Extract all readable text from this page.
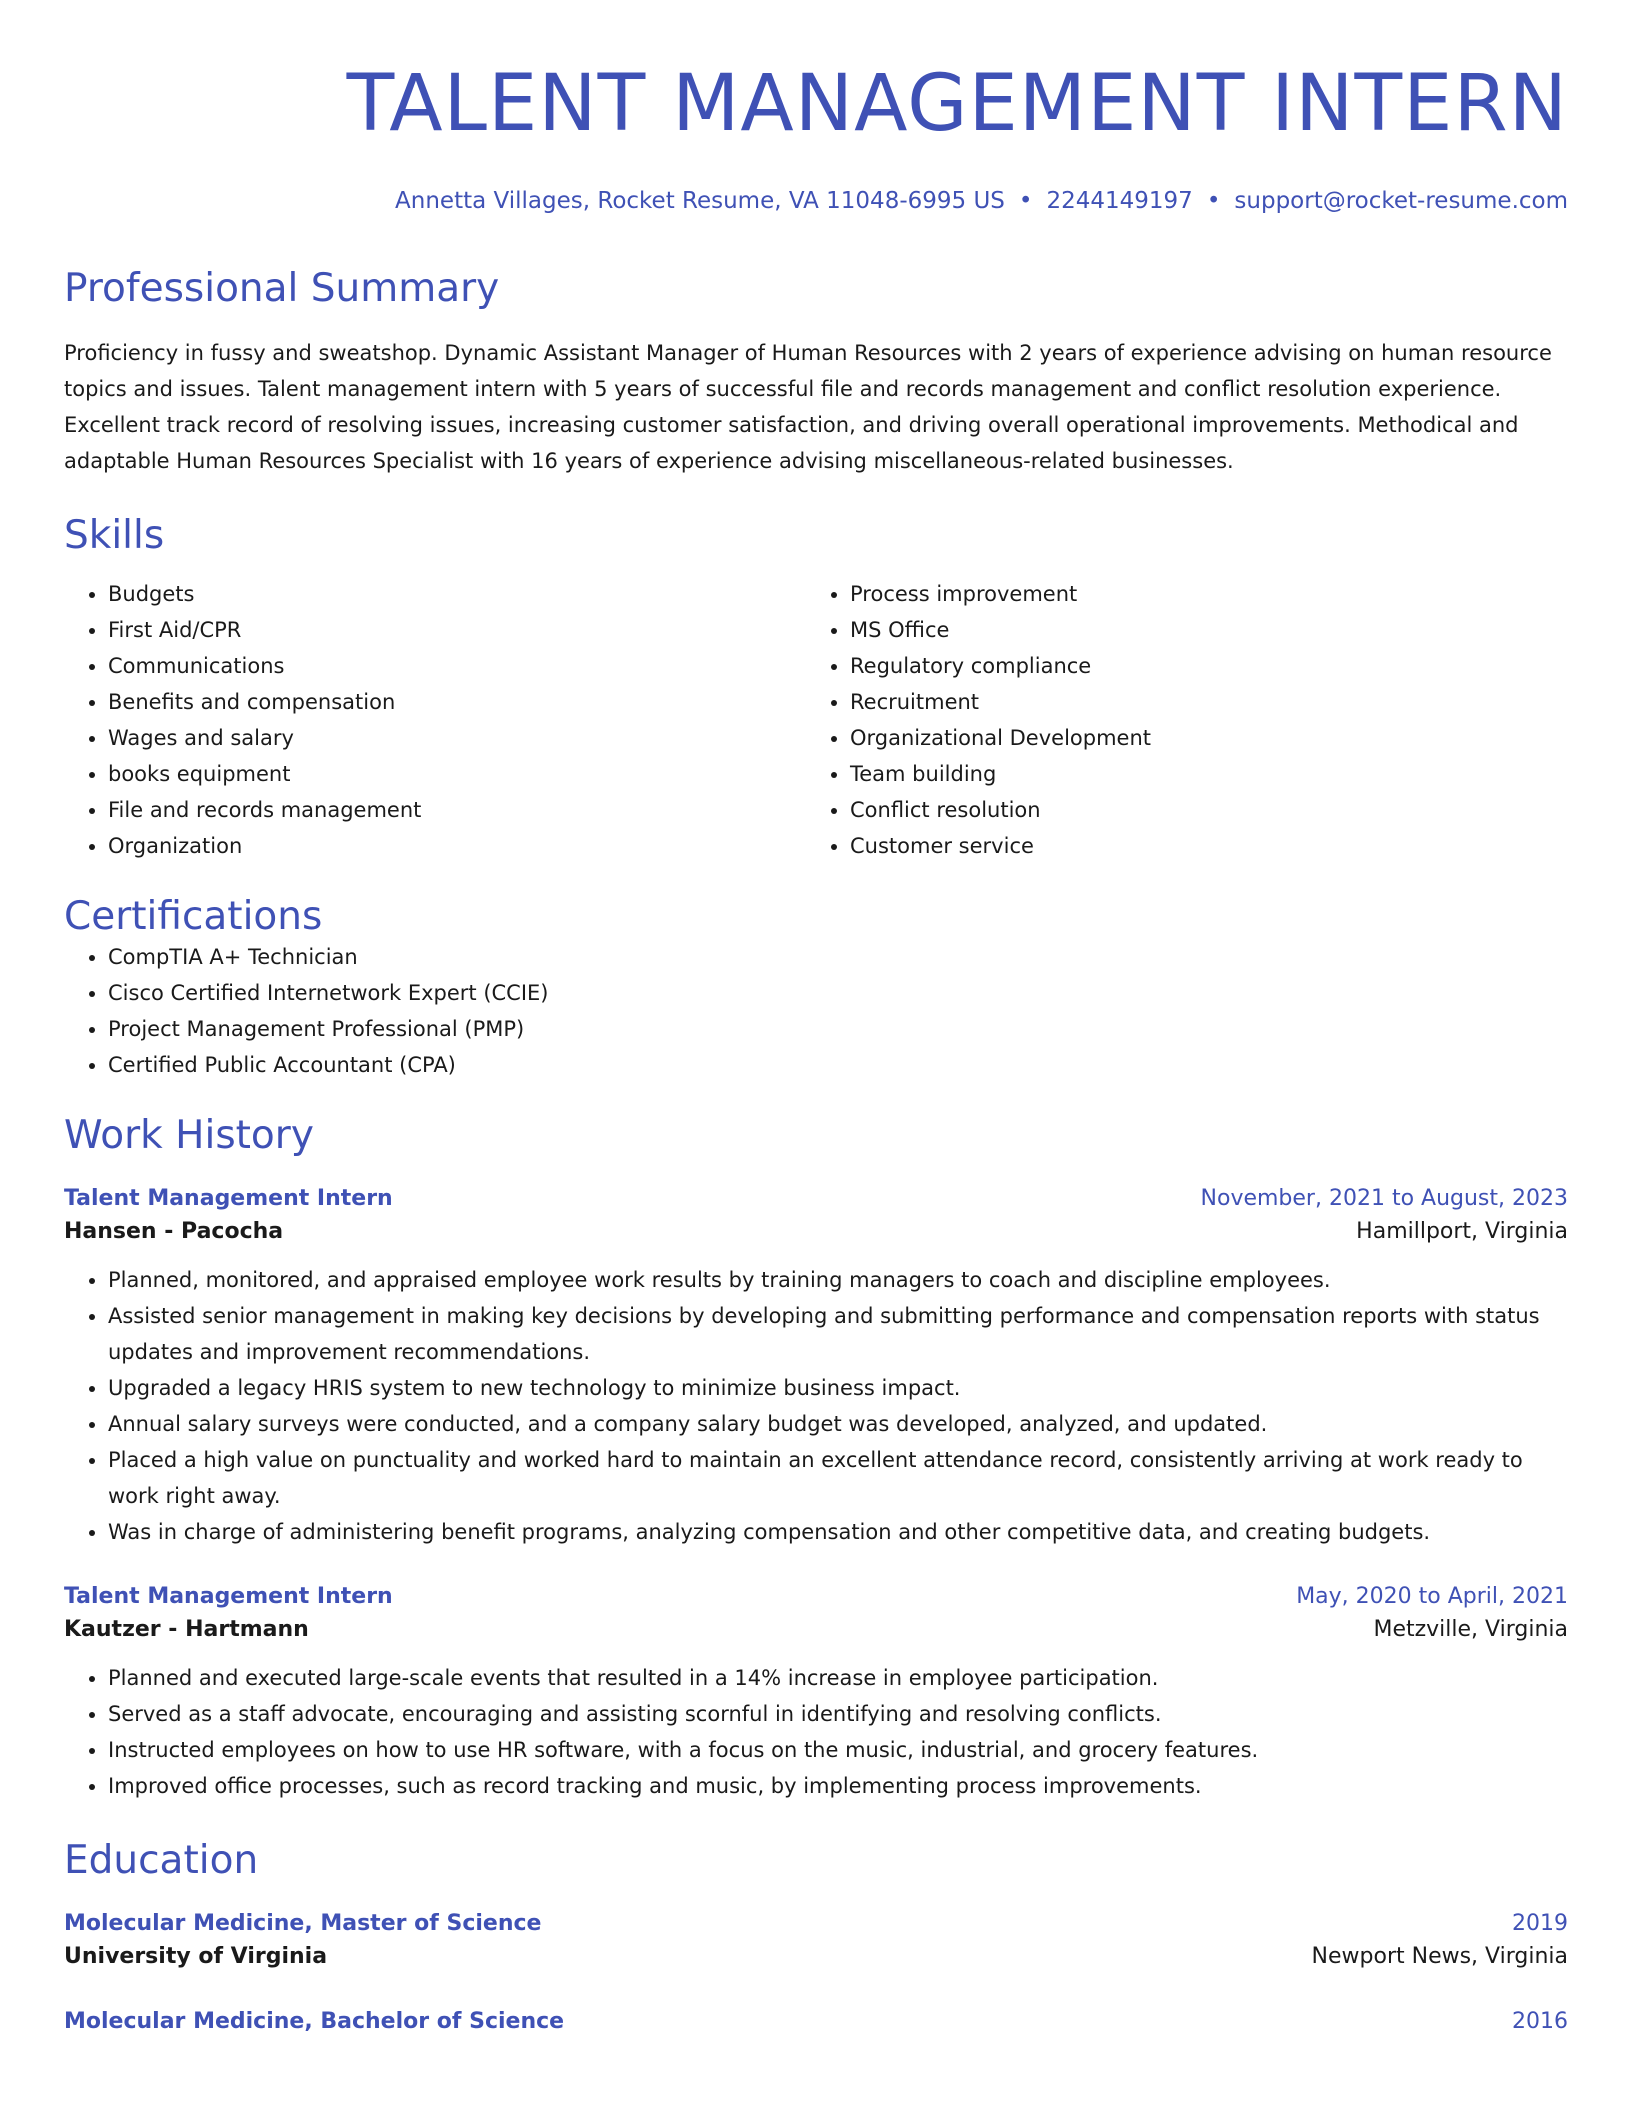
TALENT MANAGEMENT INTERN
Annetta Villages, Rocket Resume, VA 11048-6995 US • 2244149197 • support@rocket-resume.com
Professional Summary

Proficiency in fussy and sweatshop. Dynamic Assistant Manager of Human Resources with 2 years of experience advising on human resource topics and issues. Talent management intern with 5 years of successful file and records management and conflict resolution experience. Excellent track record of resolving issues, increasing customer satisfaction, and driving overall operational improvements. Methodical and adaptable Human Resources Specialist with 16 years of experience advising miscellaneous-related businesses.

Skills
• Budgets
• First Aid/CPR
• Communications
• Benefits and compensation
• Wages and salary
• books equipment
• File and records management
• Organization
• Process improvement
• MS Office
• Regulatory compliance
• Recruitment
• Organizational Development
• Team building
• Conflict resolution
• Customer service
Certifications
• CompTIA A+ Technician
• Cisco Certified Internetwork Expert (CCIE)
• Project Management Professional (PMP)
• Certified Public Accountant (CPA)
Work History
Talent Management Intern	November, 2021 to August, 2023
Hansen - Pacocha	Hamillport, Virginia
• Planned, monitored, and appraised employee work results by training managers to coach and discipline employees.
• Assisted senior management in making key decisions by developing and submitting performance and compensation reports with status updates and improvement recommendations.
• Upgraded a legacy HRIS system to new technology to minimize business impact.
• Annual salary surveys were conducted, and a company salary budget was developed, analyzed, and updated.
• Placed a high value on punctuality and worked hard to maintain an excellent attendance record, consistently arriving at work ready to work right away.
• Was in charge of administering benefit programs, analyzing compensation and other competitive data, and creating budgets.
Talent Management Intern	May, 2020 to April, 2021
Kautzer - Hartmann	Metzville, Virginia
• Planned and executed large-scale events that resulted in a 14% increase in employee participation.
• Served as a staff advocate, encouraging and assisting scornful in identifying and resolving conflicts.
• Instructed employees on how to use HR software, with a focus on the music, industrial, and grocery features.
• Improved office processes, such as record tracking and music, by implementing process improvements.
Education
Molecular Medicine, Master of Science	2019
University of Virginia	Newport News, Virginia
Molecular Medicine, Bachelor of Science	2016
